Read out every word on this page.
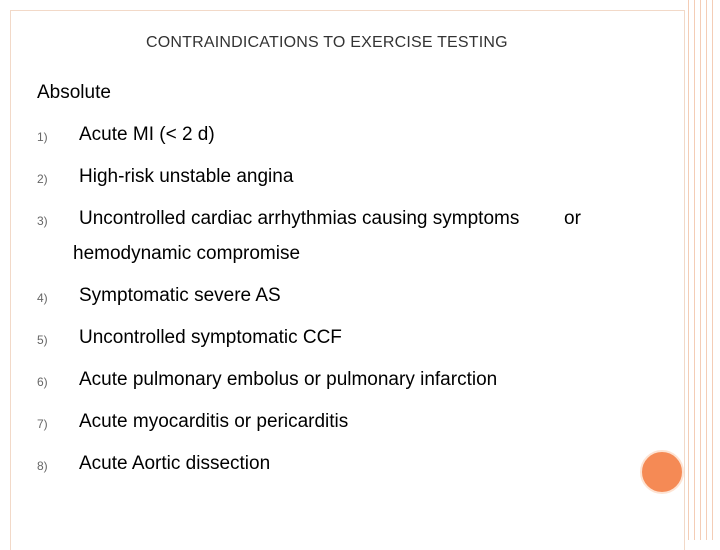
CONTRAINDICATIONS TO EXERCISE TESTING
Absolute
1) Acute MI (< 2 d)
2) High-risk unstable angina
3) Uncontrolled cardiac arrhythmias causing symptoms or
hemodynamic compromise
4) Symptomatic severe AS
5) Uncontrolled symptomatic CCF
6) Acute pulmonary embolus or pulmonary infarction
7) Acute myocarditis or pericarditis
8) Acute Aortic dissection
